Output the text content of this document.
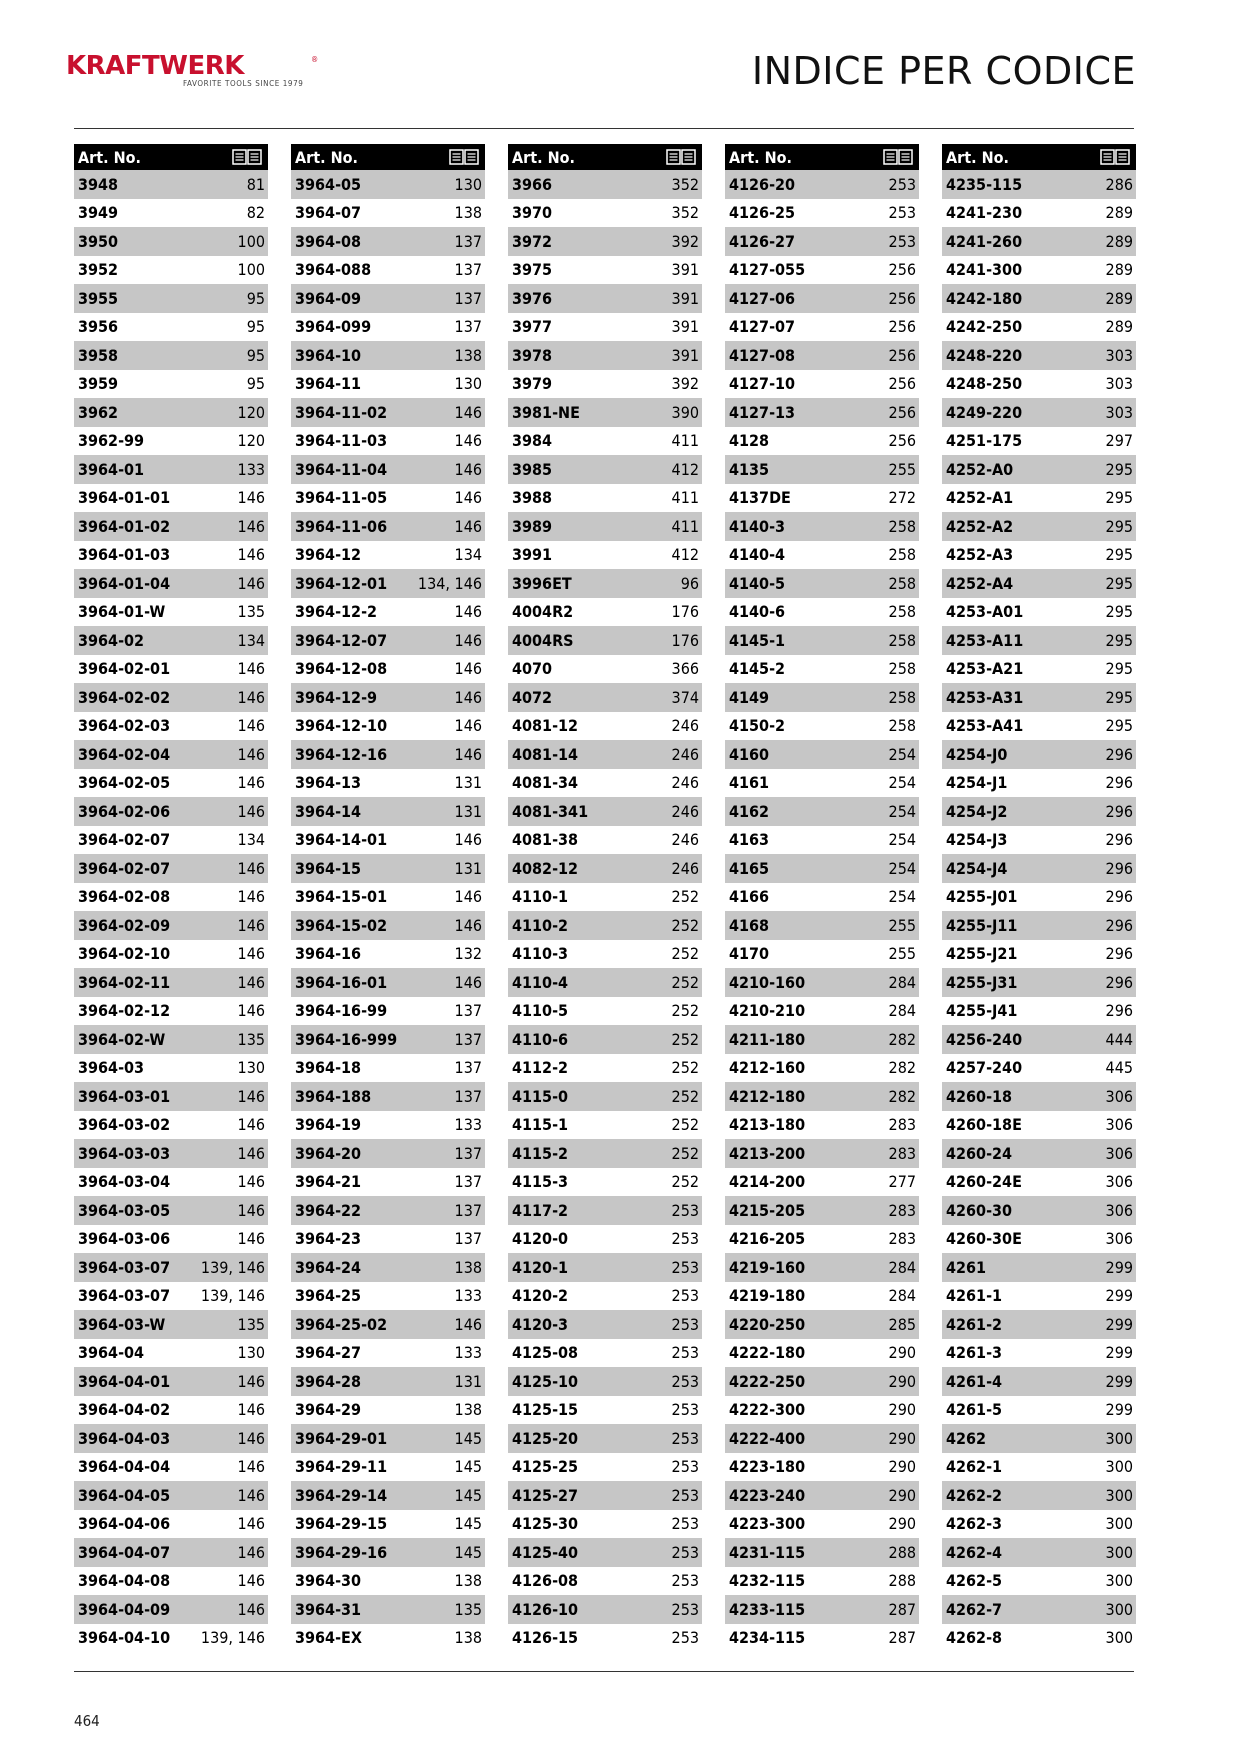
KRAFTWERK	®
FAVORITE TOOLS SINCE 1979	INDICE PER CODICE
Art. No.
3948	81
3949	82
3950	100
3952	100
3955	95
3956	95
3958	95
3959	95
3962	120
3962-99	120
3964-01	133
3964-01-01	146
3964-01-02	146
3964-01-03	146
3964-01-04	146
3964-01-W	135
3964-02	134
3964-02-01	146
3964-02-02	146
3964-02-03	146
3964-02-04	146
3964-02-05	146
3964-02-06	146
3964-02-07	134
3964-02-07	146
3964-02-08	146
3964-02-09	146
3964-02-10	146
3964-02-11	146
3964-02-12	146
3964-02-W	135
3964-03	130
3964-03-01	146
3964-03-02	146
3964-03-03	146
3964-03-04	146
3964-03-05	146
3964-03-06	146
3964-03-07 139, 146
3964-03-07 139, 146
3964-03-W	135
3964-04	130
3964-04-01	146
3964-04-02	146
3964-04-03	146
3964-04-04	146
3964-04-05	146
3964-04-06	146
3964-04-07	146
3964-04-08	146
3964-04-09	146
3964-04-10 139, 146
Art. No.
3964-05	130
3964-07	138
3964-08	137
3964-088	137
3964-09	137
3964-099	137
3964-10	138
3964-11	130
3964-11-02	146
3964-11-03	146
3964-11-04	146
3964-11-05	146
3964-11-06	146
3964-12	134
3964-12-01 134, 146
3964-12-2	146
3964-12-07	146
3964-12-08	146
3964-12-9	146
3964-12-10	146
3964-12-16	146
3964-13	131
3964-14	131
3964-14-01	146
3964-15	131
3964-15-01	146
3964-15-02	146
3964-16	132
3964-16-01	146
3964-16-99	137
3964-16-999	137
3964-18	137
3964-188	137
3964-19	133
3964-20	137
3964-21	137
3964-22	137
3964-23	137
3964-24	138
3964-25	133
3964-25-02	146
3964-27	133
3964-28	131
3964-29	138
3964-29-01	145
3964-29-11	145
3964-29-14	145
3964-29-15	145
3964-29-16	145
3964-30	138
3964-31	135
3964-EX	138
Art. No.
3966	352
3970	352
3972	392
3975	391
3976	391
3977	391
3978	391
3979	392
3981-NE	390
3984	411
3985	412
3988	411
3989	411
3991	412
3996ET	96
4004R2	176
4004RS	176
4070	366
4072	374
4081-12	246
4081-14	246
4081-34	246
4081-341	246
4081-38	246
4082-12	246
4110-1	252
4110-2	252
4110-3	252
4110-4	252
4110-5	252
4110-6	252
4112-2	252
4115-0	252
4115-1	252
4115-2	252
4115-3	252
4117-2	253
4120-0	253
4120-1	253
4120-2	253
4120-3	253
4125-08	253
4125-10	253
4125-15	253
4125-20	253
4125-25	253
4125-27	253
4125-30	253
4125-40	253
4126-08	253
4126-10	253
4126-15	253
Art. No.
4126-20	253
4126-25	253
4126-27	253
4127-055	256
4127-06	256
4127-07	256
4127-08	256
4127-10	256
4127-13	256
4128	256
4135	255
4137DE	272
4140-3	258
4140-4	258
4140-5	258
4140-6	258
4145-1	258
4145-2	258
4149	258
4150-2	258
4160	254
4161	254
4162	254
4163	254
4165	254
4166	254
4168	255
4170	255
4210-160	284
4210-210	284
4211-180	282
4212-160	282
4212-180	282
4213-180	283
4213-200	283
4214-200	277
4215-205	283
4216-205	283
4219-160	284
4219-180	284
4220-250	285
4222-180	290
4222-250	290
4222-300	290
4222-400	290
4223-180	290
4223-240	290
4223-300	290
4231-115	288
4232-115	288
4233-115	287
4234-115	287
Art. No.
4235-115	286
4241-230	289
4241-260	289
4241-300	289
4242-180	289
4242-250	289
4248-220	303
4248-250	303
4249-220	303
4251-175	297
4252-A0	295
4252-A1	295
4252-A2	295
4252-A3	295
4252-A4	295
4253-A01	295
4253-A11	295
4253-A21	295
4253-A31	295
4253-A41	295
4254-J0	296
4254-J1	296
4254-J2	296
4254-J3	296
4254-J4	296
4255-J01	296
4255-J11	296
4255-J21	296
4255-J31	296
4255-J41	296
4256-240	444
4257-240	445
4260-18	306
4260-18E	306
4260-24	306
4260-24E	306
4260-30	306
4260-30E	306
4261	299
4261-1	299
4261-2	299
4261-3	299
4261-4	299
4261-5	299
4262	300
4262-1	300
4262-2	300
4262-3	300
4262-4	300
4262-5	300
4262-7	300
4262-8	300
464
